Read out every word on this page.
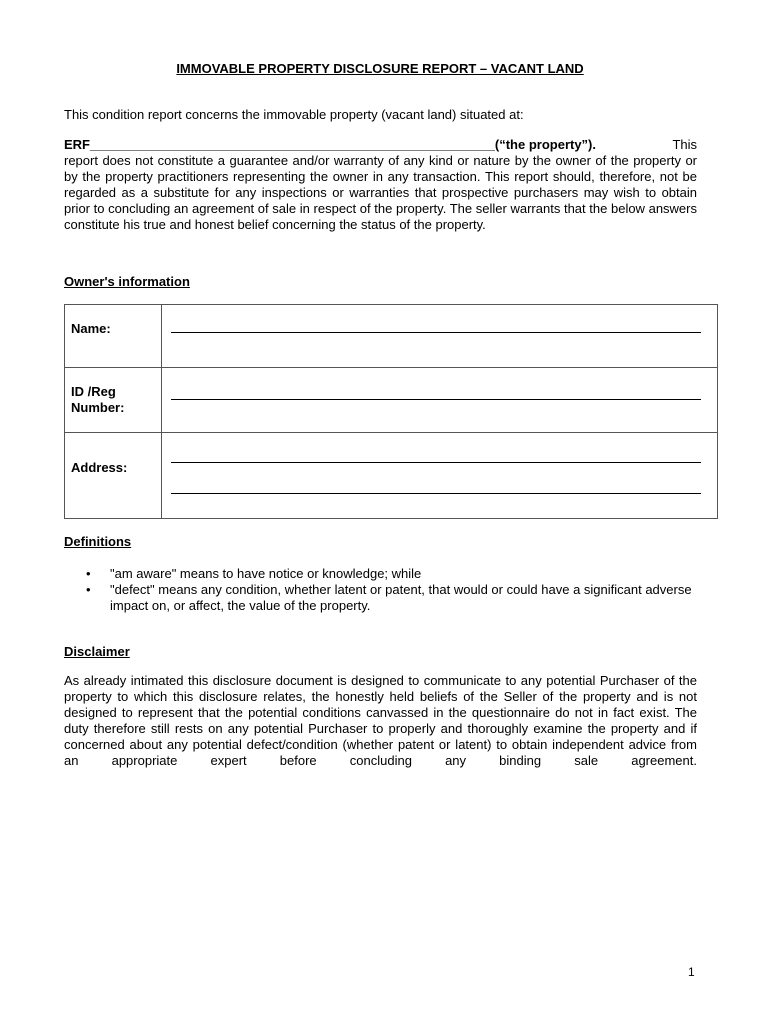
IMMOVABLE PROPERTY DISCLOSURE REPORT – VACANT LAND
This condition report concerns the immovable property (vacant land) situated at:
ERF________________________________________________________(“the property”).	This
report does not constitute a guarantee and/or warranty of any kind or nature by the owner of the property or by the property practitioners representing the owner in any transaction. This report should, therefore, not be regarded as a substitute for any inspections or warranties that prospective purchasers may wish to obtain prior to concluding an agreement of sale in respect of the property. The seller warrants that the below answers constitute his true and honest belief concerning the status of the property.
Owner's information
Name:	

ID /Reg Number:	

Address:	

Definitions
• "am aware" means to have notice or knowledge; while
• "defect" means any condition, whether latent or patent, that would or could have a significant adverse impact on, or affect, the value of the property.
Disclaimer
As already intimated this disclosure document is designed to communicate to any potential Purchaser of the property to which this disclosure relates, the honestly held beliefs of the Seller of the property and is not designed to represent that the potential conditions canvassed in the questionnaire do not in fact exist. The duty therefore still rests on any potential Purchaser to properly and thoroughly examine the property and if concerned about any potential defect/condition (whether patent or latent) to obtain independent advice from an appropriate expert before concluding any binding sale agreement.
1
